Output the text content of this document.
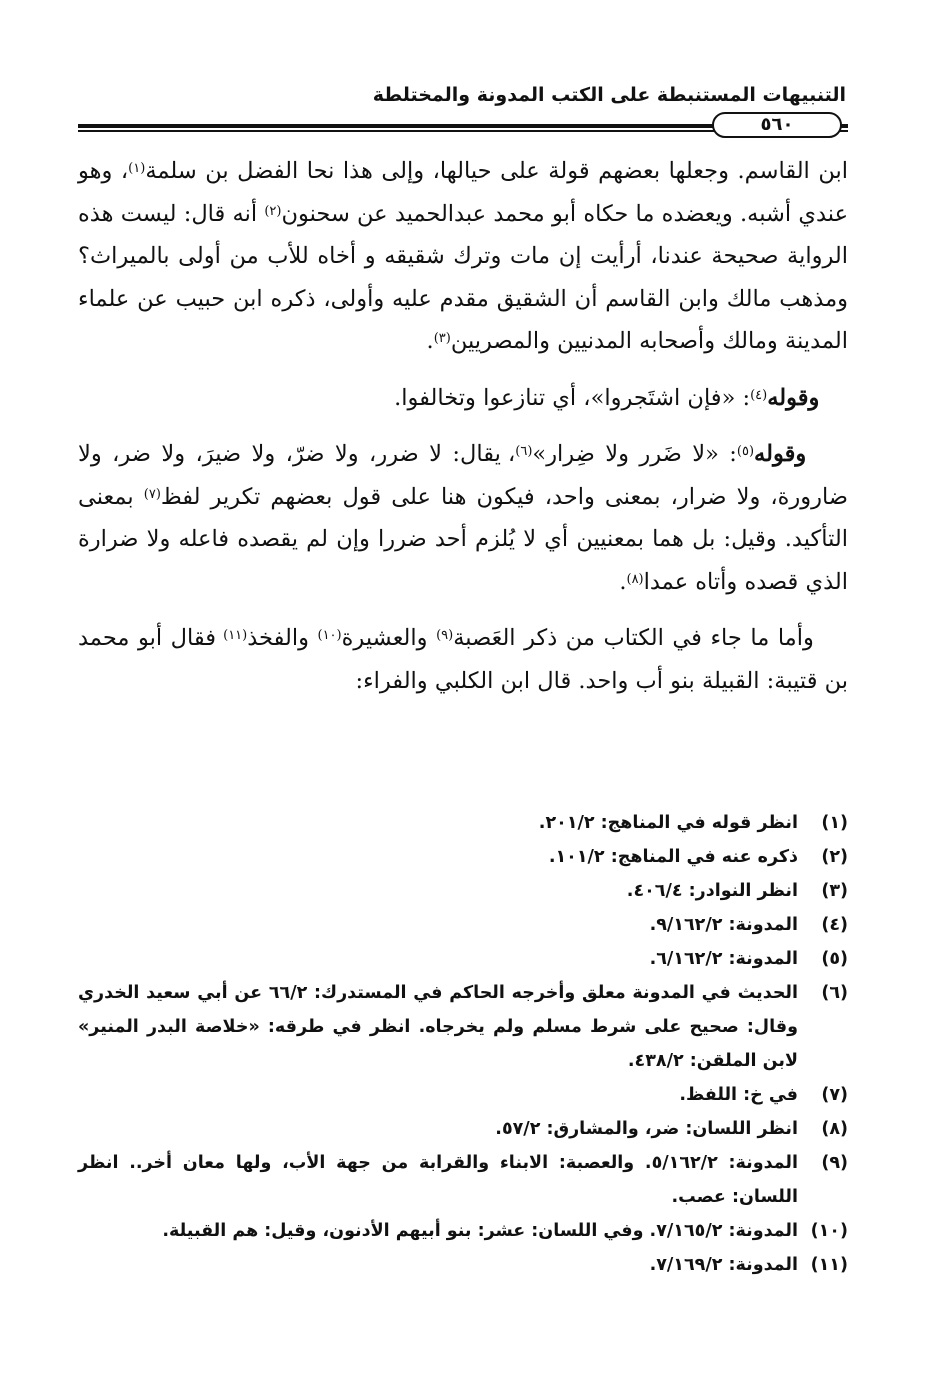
التنبيهات المستنبطة على الكتب المدونة والمختلطة
٥٦٠

ابن القاسم. وجعلها بعضهم قولة على حيالها، وإلى هذا نحا الفضل بن سلمة$^{(١)}$، وهو عندي أشبه. ويعضده ما حكاه أبو محمد عبدالحميد عن سحنون$^{(٢)}$ أنه قال: ليست هذه الرواية صحيحة عندنا، أرأيت إن مات وترك شقيقه و أخاه للأب من أولى بالميراث؟ ومذهب مالك وابن القاسم أن الشقيق مقدم عليه وأولى، ذكره ابن حبيب عن علماء المدينة ومالك وأصحابه المدنيين والمصريين$^{(٣)}$.

وقوله$^{(٤)}$: «فإن اشتَجروا»، أي تنازعوا وتخالفوا.

وقوله$^{(٥)}$: «لا ضَرر ولا ضِرار»$^{(٦)}$، يقال: لا ضرر، ولا ضرّ، ولا ضيرَ، ولا ضر، ولا ضارورة، ولا ضرار، بمعنى واحد، فيكون هنا على قول بعضهم تكرير لفظ$^{(٧)}$ بمعنى التأكيد. وقيل: بل هما بمعنيين أي لا يُلزم أحد ضررا وإن لم يقصده فاعله ولا ضرارة الذي قصده وأتاه عمدا$^{(٨)}$.

وأما ما جاء في الكتاب من ذكر العَصبة$^{(٩)}$ والعشيرة$^{(١٠)}$ والفخذ$^{(١١)}$ فقال أبو محمد بن قتيبة: القبيلة بنو أب واحد. قال ابن الكلبي والفراء:

(١)
انظر قوله في المناهج: ٢٠١/٢.
(٢)
ذكره عنه في المناهج: ١٠١/٢.
(٣)
انظر النوادر: ٤٠٦/٤.
(٤)
المدونة: ٩/١٦٢/٢.
(٥)
المدونة: ٦/١٦٢/٢.
(٦)
الحديث في المدونة معلق وأخرجه الحاكم في المستدرك: ٦٦/٢ عن أبي سعيد الخدري وقال: صحيح على شرط مسلم ولم يخرجاه. انظر في طرقه: «خلاصة البدر المنير» لابن الملقن: ٤٣٨/٢.
(٧)
في خ: اللفظ.
(٨)
انظر اللسان: ضر، والمشارق: ٥٧/٢.
(٩)
المدونة: ٥/١٦٢/٢. والعصبة: الابناء والقرابة من جهة الأب، ولها معان أخر.. انظر اللسان: عصب.
(١٠)
المدونة: ٧/١٦٥/٢. وفي اللسان: عشر: بنو أبيهم الأدنون، وقيل: هم القبيلة.
(١١)
المدونة: ٧/١٦٩/٢.
